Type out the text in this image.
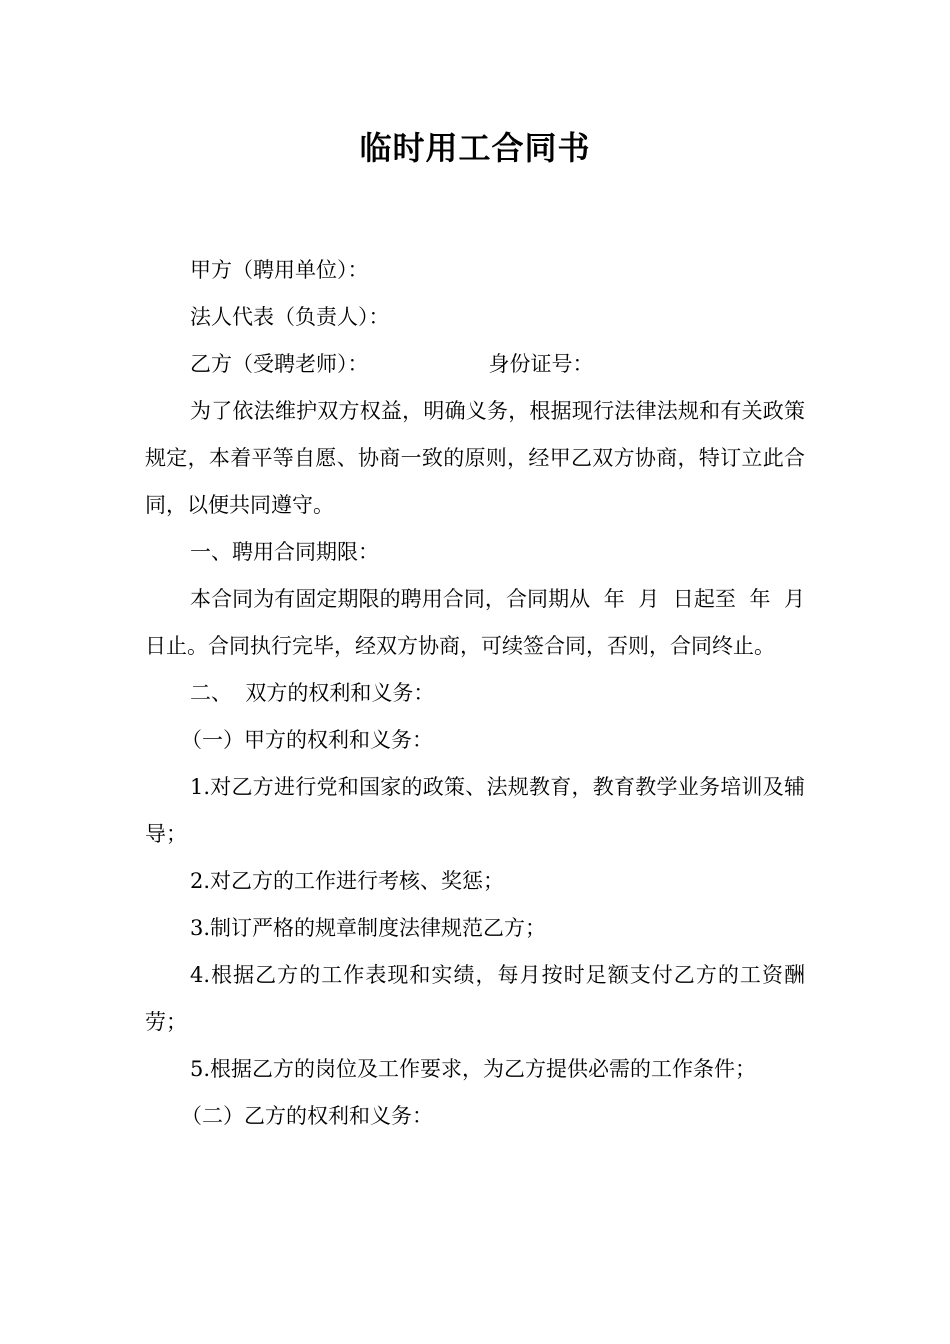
临时用工合同书

甲方（聘用单位）：

法人代表（负责人）：

乙方（受聘老师）：	身份证号：

为了依法维护双方权益，明确义务，根据现行法律法规和有关政策规定，本着平等自愿、协商一致的原则，经甲乙双方协商，特订立此合同，以便共同遵守。

一、聘用合同期限：

本合同为有固定期限的聘用合同，合同期从  年  月  日起至  年  月  日止。合同执行完毕，经双方协商，可续签合同，否则，合同终止。

二、  双方的权利和义务：

（一）甲方的权利和义务：

1.对乙方进行党和国家的政策、法规教育，教育教学业务培训及辅导；

2.对乙方的工作进行考核、奖惩；

3.制订严格的规章制度法律规范乙方；

4.根据乙方的工作表现和实绩，每月按时足额支付乙方的工资酬劳；

5.根据乙方的岗位及工作要求，为乙方提供必需的工作条件；

（二）乙方的权利和义务：
